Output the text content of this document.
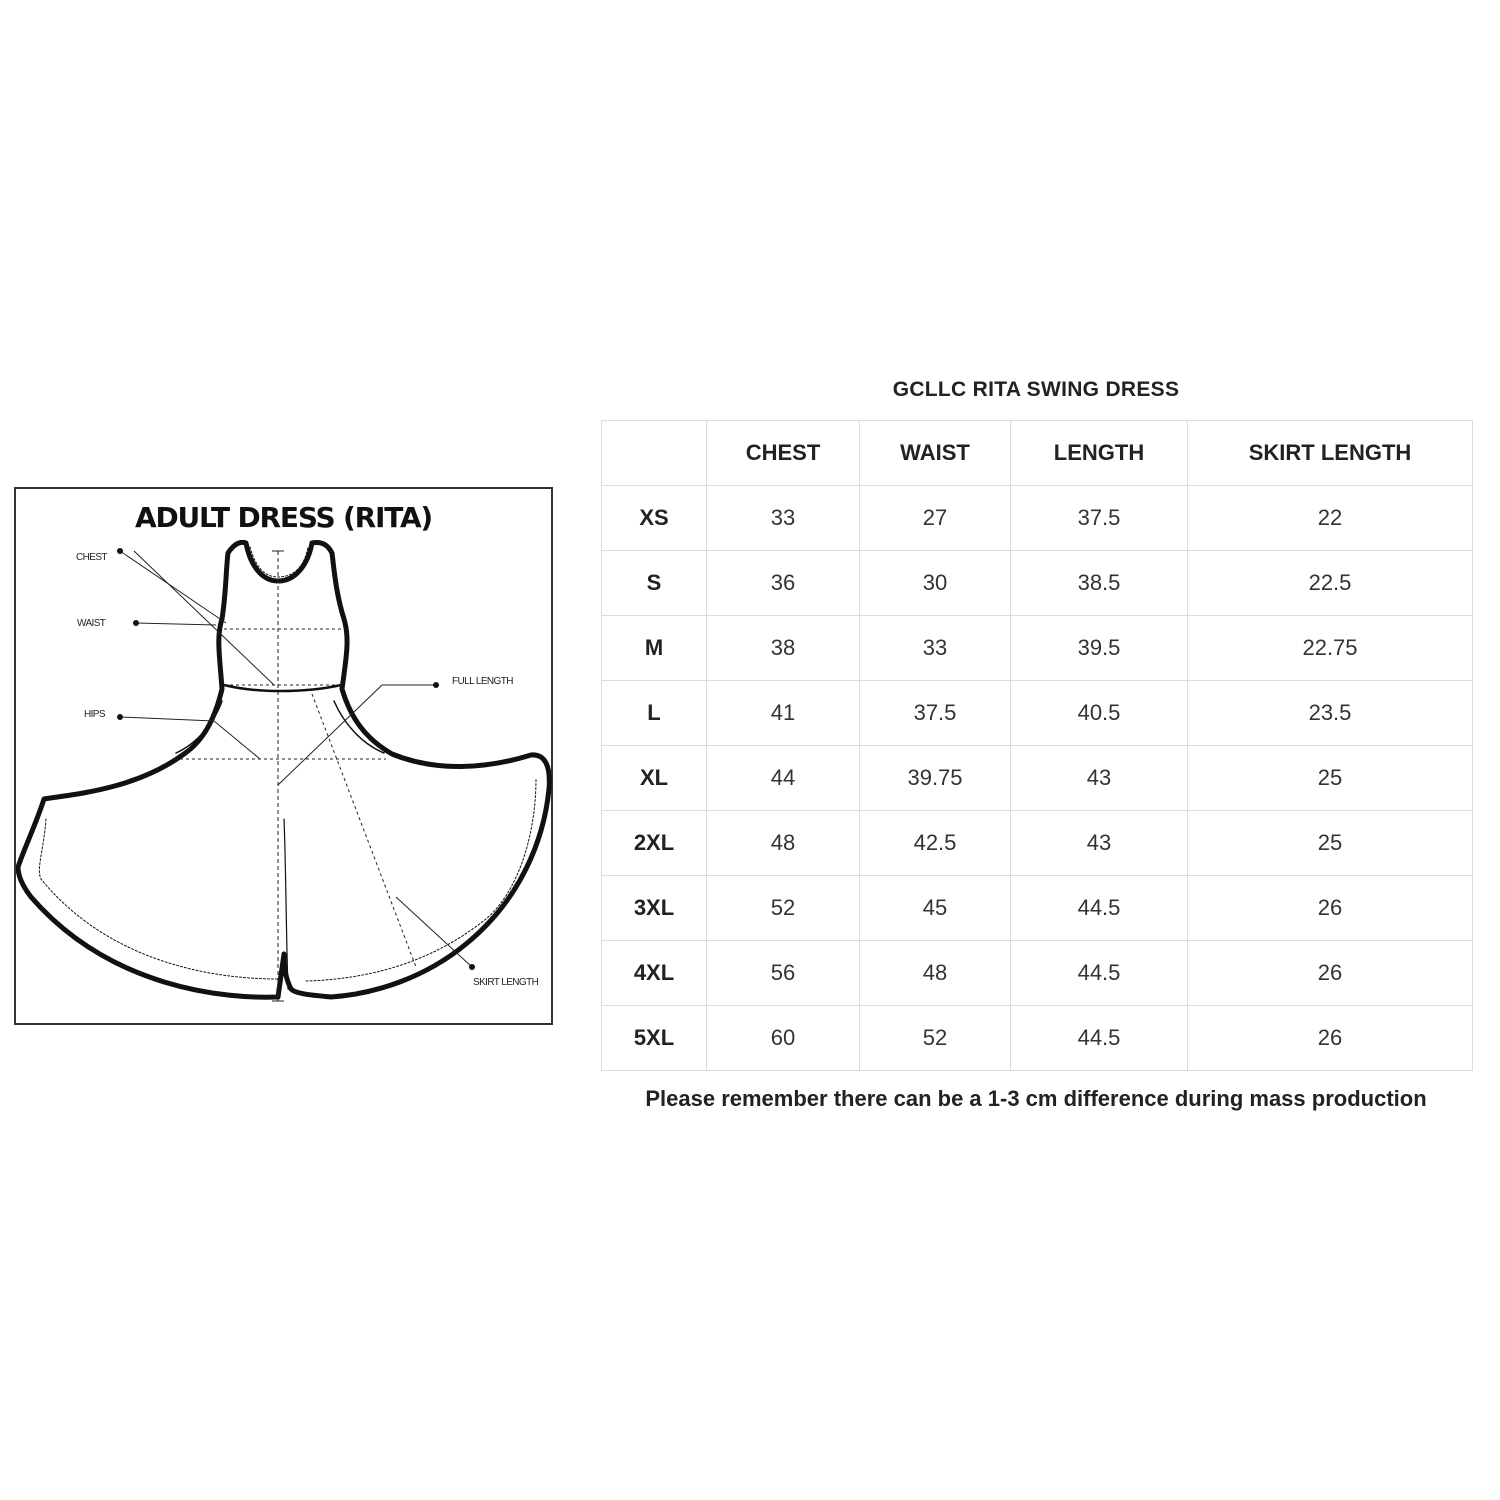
ADULT DRESS (RITA)
CHEST
WAIST
HIPS
FULL LENGTH
SKIRT LENGTH
GCLLC RITA SWING DRESS
	CHEST	WAIST	LENGTH	SKIRT LENGTH
XS	33	27	37.5	22
S	36	30	38.5	22.5
M	38	33	39.5	22.75
L	41	37.5	40.5	23.5
XL	44	39.75	43	25
2XL	48	42.5	43	25
3XL	52	45	44.5	26
4XL	56	48	44.5	26
5XL	60	52	44.5	26
Please remember there can be a 1-3 cm difference during mass production
